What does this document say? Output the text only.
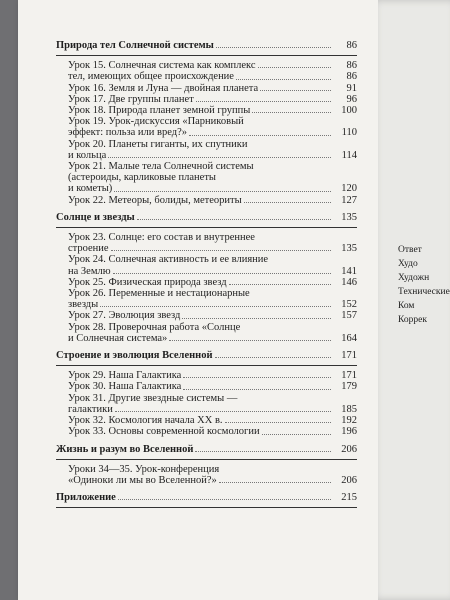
Природа тел Солнечной системы	86
Урок 15. Солнечная система как комплекс	86
тел, имеющих общее происхождение	86
Урок 16. Земля и Луна — двойная планета	91
Урок 17. Две группы планет	96
Урок 18. Природа планет земной группы	100
Урок 19. Урок-дискуссия «Парниковый
эффект: польза или вред?»	110
Урок 20. Планеты гиганты, их спутники
и кольца	114
Урок 21. Малые тела Солнечной системы
(астероиды, карликовые планеты
и кометы)	120
Урок 22. Метеоры, болиды, метеориты	127
Солнце и звезды	135
Урок 23. Солнце: его состав и внутреннее
строение	135
Урок 24. Солнечная активность и ее влияние
на Землю	141
Урок 25. Физическая природа звезд	146
Урок 26. Переменные и нестационарные
звезды	152
Урок 27. Эволюция звезд	157
Урок 28. Проверочная работа «Солнце
и Солнечная система»	164
Строение и эволюция Вселенной	171
Урок 29. Наша Галактика	171
Урок 30. Наша Галактика	179
Урок 31. Другие звездные системы —
галактики	185
Урок 32. Космология начала XX в.	192
Урок 33. Основы современной космологии	196
Жизнь и разум во Вселенной	206
Уроки 34—35. Урок-конференция
«Одиноки ли мы во Вселенной?»	206
Приложение	215
Ответ
Худо
Художн
Технические
Ком
Коррек
